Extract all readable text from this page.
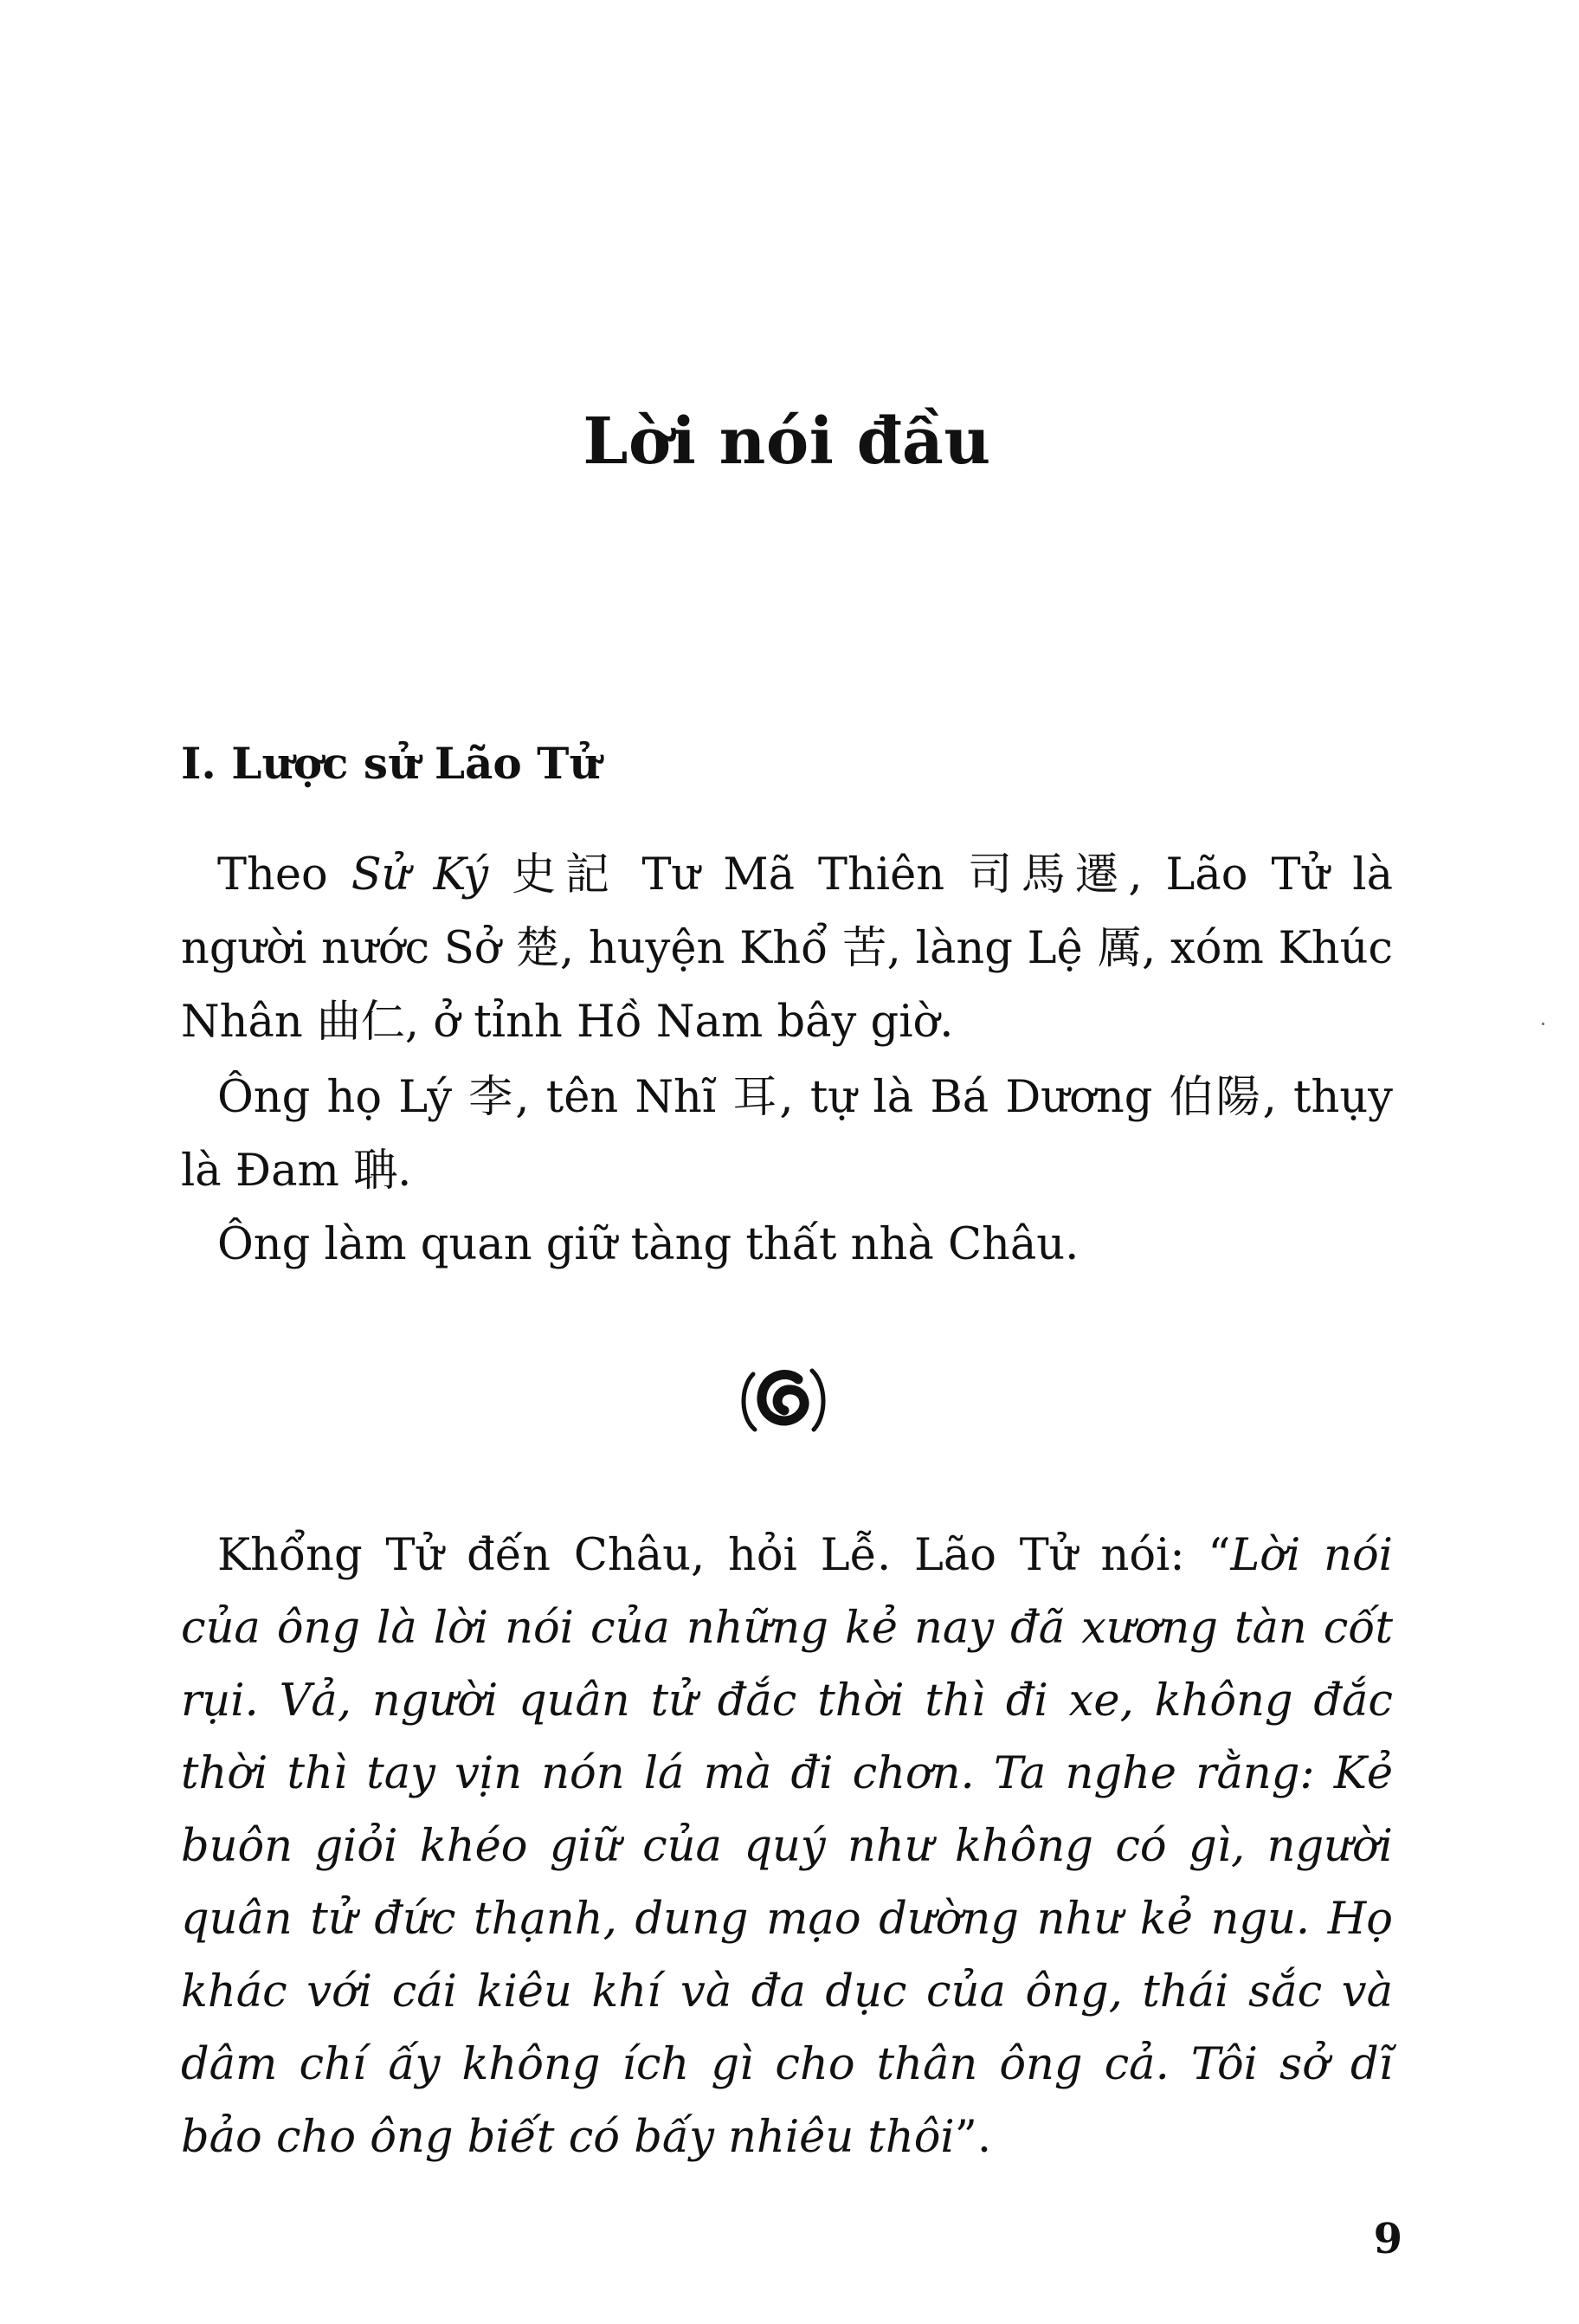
Lời nói đầu
I. Lược sử Lão Tử

Theo Sử Ký 史記 Tư Mã Thiên 司馬遷, Lão Tử là người nước Sở 楚, huyện Khổ 苦, làng Lệ 厲, xóm Khúc Nhân 曲仁, ở tỉnh Hồ Nam bây giờ.

Ông họ Lý 李, tên Nhĩ 耳, tự là Bá Dương 伯陽, thụy là Đam 聃.

Ông làm quan giữ tàng thất nhà Châu.

Khổng Tử đến Châu, hỏi Lễ. Lão Tử nói: “Lời nói của ông là lời nói của những kẻ nay đã xương tàn cốt rụi. Vả, người quân tử đắc thời thì đi xe, không đắc thời thì tay vịn nón lá mà đi chơn. Ta nghe rằng: Kẻ buôn giỏi khéo giữ của quý như không có gì, người quân tử đức thạnh, dung mạo dường như kẻ ngu. Họ khác với cái kiêu khí và đa dục của ông, thái sắc và dâm chí ấy không ích gì cho thân ông cả. Tôi sở dĩ bảo cho ông biết có bấy nhiêu thôi”.

9
